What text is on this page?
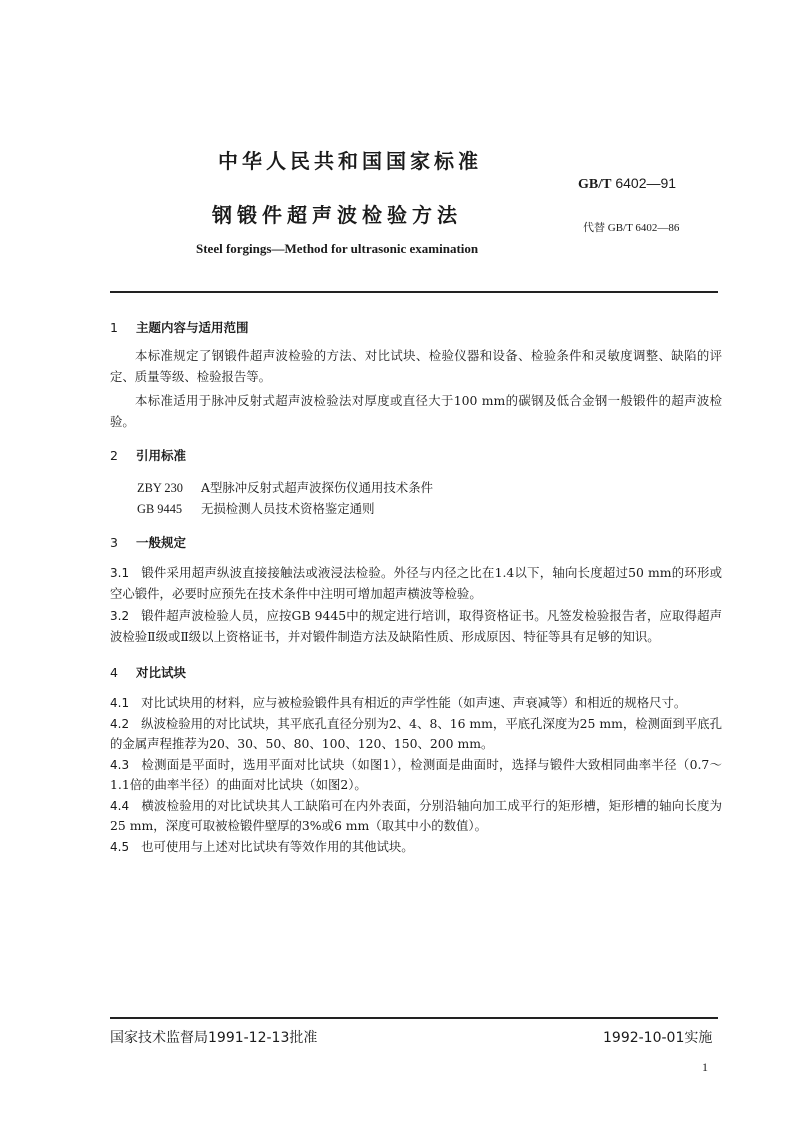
中华人民共和国国家标准
GB/T 6402—91
钢锻件超声波检验方法
代替 GB/T 6402—86
Steel forgings—Method for ultrasonic examination
1 主题内容与适用范围

本标准规定了钢锻件超声波检验的方法、对比试块、检验仪器和设备、检验条件和灵敏度调整、缺陷的评定、质量等级、检验报告等。

本标准适用于脉冲反射式超声波检验法对厚度或直径大于100 mm的碳钢及低合金钢一般锻件的超声波检验。

2 引用标准

ZBY 230 A型脉冲反射式超声波探伤仪通用技术条件

GB 9445 无损检测人员技术资格鉴定通则

3 一般规定

3.1 锻件采用超声纵波直接接触法或液浸法检验。外径与内径之比在1.4以下，轴向长度超过50 mm的环形或空心锻件，必要时应预先在技术条件中注明可增加超声横波等检验。

3.2 锻件超声波检验人员，应按GB 9445中的规定进行培训，取得资格证书。凡签发检验报告者，应取得超声波检验Ⅱ级或Ⅱ级以上资格证书，并对锻件制造方法及缺陷性质、形成原因、特征等具有足够的知识。

4 对比试块

4.1 对比试块用的材料，应与被检验锻件具有相近的声学性能（如声速、声衰减等）和相近的规格尺寸。

4.2 纵波检验用的对比试块，其平底孔直径分别为2、4、8、16 mm，平底孔深度为25 mm，检测面到平底孔的金属声程推荐为20、30、50、80、100、120、150、200 mm。

4.3 检测面是平面时，选用平面对比试块（如图1），检测面是曲面时，选择与锻件大致相同曲率半径（0.7～1.1倍的曲率半径）的曲面对比试块（如图2）。

4.4 横波检验用的对比试块其人工缺陷可在内外表面，分别沿轴向加工成平行的矩形槽，矩形槽的轴向长度为25 mm，深度可取被检锻件壁厚的3%或6 mm（取其中小的数值）。

4.5 也可使用与上述对比试块有等效作用的其他试块。

国家技术监督局1991-12-13批准	1992-10-01实施
1
